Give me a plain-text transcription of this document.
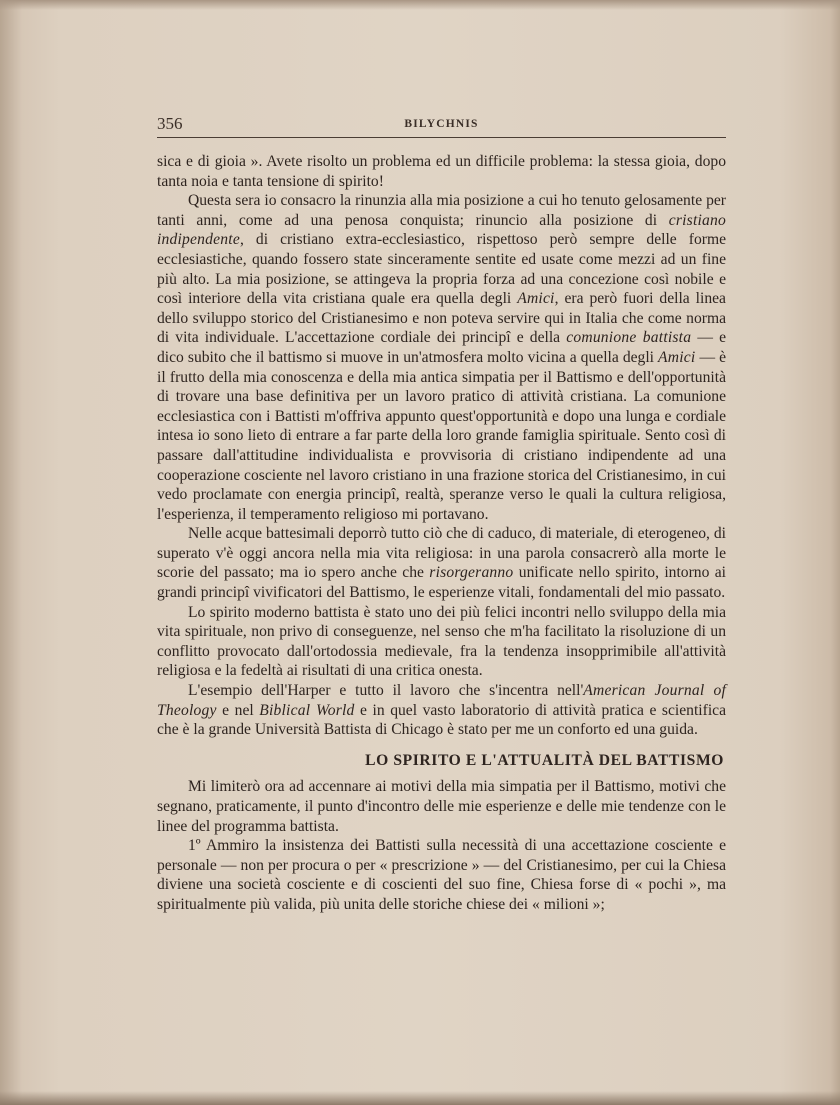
356	BILYCHNIS

sica e di gioia ». Avete risolto un problema ed un difficile problema: la stessa gioia, dopo tanta noia e tanta tensione di spirito!

Questa sera io consacro la rinunzia alla mia posizione a cui ho tenuto gelosamente per tanti anni, come ad una penosa conquista; rinuncio alla posizione di cristiano indipendente, di cristiano extra-ecclesiastico, rispettoso però sempre delle forme ecclesiastiche, quando fossero state sinceramente sentite ed usate come mezzi ad un fine più alto. La mia posizione, se attingeva la propria forza ad una concezione così nobile e così interiore della vita cristiana quale era quella degli Amici, era però fuori della linea dello sviluppo storico del Cristianesimo e non poteva servire qui in Italia che come norma di vita individuale. L'accettazione cordiale dei principî e della comunione battista — e dico subito che il battismo si muove in un'atmosfera molto vicina a quella degli Amici — è il frutto della mia conoscenza e della mia antica simpatia per il Battismo e dell'opportunità di trovare una base definitiva per un lavoro pratico di attività cristiana. La comunione ecclesiastica con i Battisti m'offriva appunto quest'opportunità e dopo una lunga e cordiale intesa io sono lieto di entrare a far parte della loro grande famiglia spirituale. Sento così di passare dall'attitudine individualista e provvisoria di cristiano indipendente ad una cooperazione cosciente nel lavoro cristiano in una frazione storica del Cristianesimo, in cui vedo proclamate con energia principî, realtà, speranze verso le quali la cultura religiosa, l'esperienza, il temperamento religioso mi portavano.

Nelle acque battesimali deporrò tutto ciò che di caduco, di materiale, di eterogeneo, di superato v'è oggi ancora nella mia vita religiosa: in una parola consacrerò alla morte le scorie del passato; ma io spero anche che risorgeranno unificate nello spirito, intorno ai grandi principî vivificatori del Battismo, le esperienze vitali, fondamentali del mio passato.

Lo spirito moderno battista è stato uno dei più felici incontri nello sviluppo della mia vita spirituale, non privo di conseguenze, nel senso che m'ha facilitato la risoluzione di un conflitto provocato dall'ortodossia medievale, fra la tendenza insopprimibile all'attività religiosa e la fedeltà ai risultati di una critica onesta.

L'esempio dell'Harper e tutto il lavoro che s'incentra nell'American Journal of Theology e nel Biblical World e in quel vasto laboratorio di attività pratica e scientifica che è la grande Università Battista di Chicago è stato per me un conforto ed una guida.

LO SPIRITO E L'ATTUALITÀ DEL BATTISMO

Mi limiterò ora ad accennare ai motivi della mia simpatia per il Battismo, motivi che segnano, praticamente, il punto d'incontro delle mie esperienze e delle mie tendenze con le linee del programma battista.

1º Ammiro la insistenza dei Battisti sulla necessità di una accettazione cosciente e personale — non per procura o per « prescrizione » — del Cristianesimo, per cui la Chiesa diviene una società cosciente e di coscienti del suo fine, Chiesa forse di « pochi », ma spiritualmente più valida, più unita delle storiche chiese dei « milioni »;
